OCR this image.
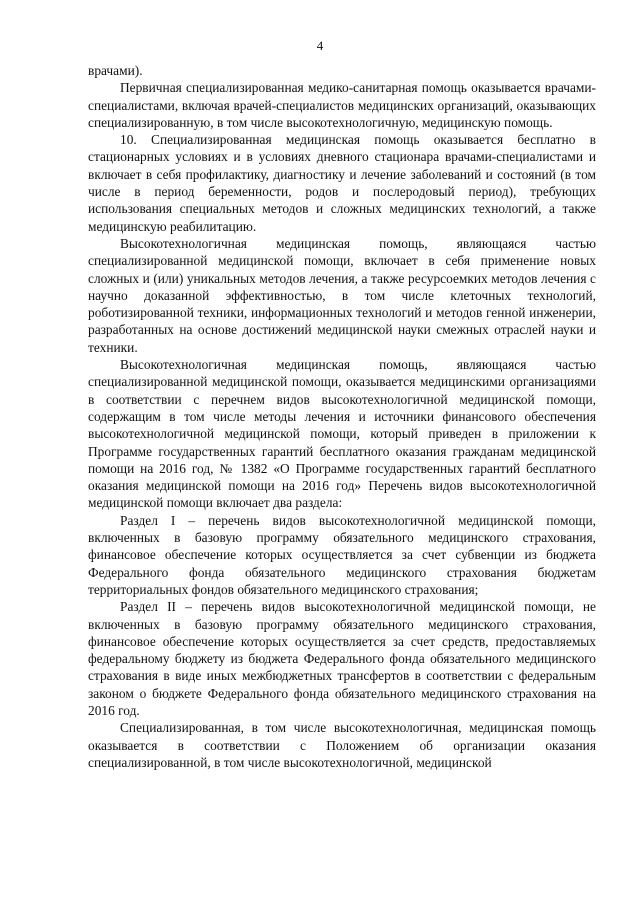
4

врачами).

Первичная специализированная медико-санитарная помощь оказывается врачами-специалистами, включая врачей-специалистов медицинских организаций, оказывающих специализированную, в том числе высокотехнологичную, медицинскую помощь.

10. Специализированная медицинская помощь оказывается бесплатно в стационарных условиях и в условиях дневного стационара врачами-специалистами и включает в себя профилактику, диагностику и лечение заболеваний и состояний (в том числе в период беременности, родов и послеродовый период), требующих использования специальных методов и сложных медицинских технологий, а также медицинскую реабилитацию.

Высокотехнологичная медицинская помощь, являющаяся частью специализированной медицинской помощи, включает в себя применение новых сложных и (или) уникальных методов лечения, а также ресурсоемких методов лечения с научно доказанной эффективностью, в том числе клеточных технологий, роботизированной техники, информационных технологий и методов генной инженерии, разработанных на основе достижений медицинской науки смежных отраслей науки и техники.

Высокотехнологичная медицинская помощь, являющаяся частью специализированной медицинской помощи, оказывается медицинскими организациями в соответствии с перечнем видов высокотехнологичной медицинской помощи, содержащим в том числе методы лечения и источники финансового обеспечения высокотехнологичной медицинской помощи, который приведен в приложении к Программе государственных гарантий бесплатного оказания гражданам медицинской помощи на 2016 год, № 1382 «О Программе государственных гарантий бесплатного оказания медицинской помощи на 2016 год» Перечень видов высокотехнологичной медицинской помощи включает два раздела:

Раздел I – перечень видов высокотехнологичной медицинской помощи, включенных в базовую программу обязательного медицинского страхования, финансовое обеспечение которых осуществляется за счет субвенции из бюджета Федерального фонда обязательного медицинского страхования бюджетам территориальных фондов обязательного медицинского страхования;

Раздел II – перечень видов высокотехнологичной медицинской помощи, не включенных в базовую программу обязательного медицинского страхования, финансовое обеспечение которых осуществляется за счет средств, предоставляемых федеральному бюджету из бюджета Федерального фонда обязательного медицинского страхования в виде иных межбюджетных трансфертов в соответствии с федеральным законом о бюджете Федерального фонда обязательного медицинского страхования на 2016 год.

Специализированная, в том числе высокотехнологичная, медицинская помощь оказывается в соответствии с Положением об организации оказания специализированной, в том числе высокотехнологичной, медицинской
